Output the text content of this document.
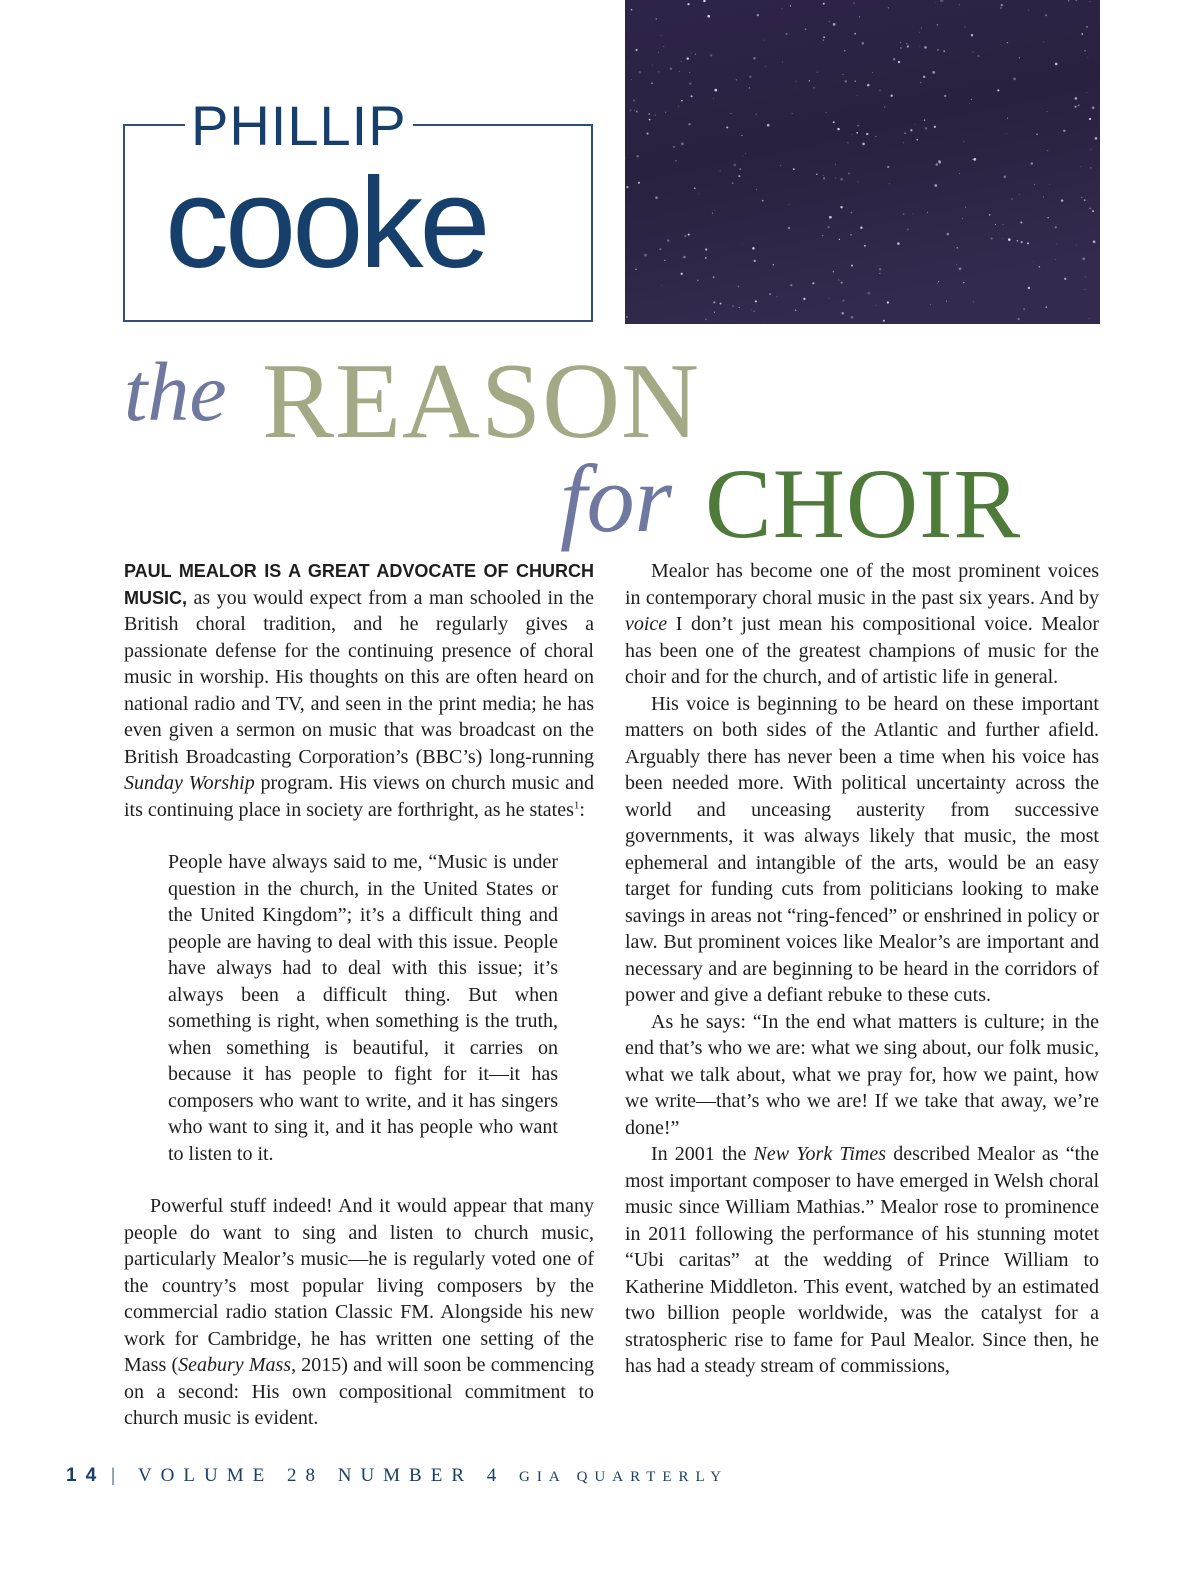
PHILLIP
cooke
the REASON
for CHOIR

PAUL MEALOR IS A GREAT ADVOCATE OF CHURCH MUSIC, as you would expect from a man schooled in the British choral tradition, and he regularly gives a passionate defense for the continuing presence of choral music in worship. His thoughts on this are often heard on national radio and TV, and seen in the print media; he has even given a sermon on music that was broadcast on the British Broadcasting Corporation’s (BBC’s) long-running Sunday Worship program. His views on church music and its continuing place in society are forthright, as he states$^1$:

People have always said to me, “Music is under question in the church, in the United States or the United Kingdom”; it’s a difficult thing and people are having to deal with this issue. People have always had to deal with this issue; it’s always been a difficult thing. But when something is right, when something is the truth, when something is beautiful, it carries on because it has people to fight for it—it has composers who want to write, and it has singers who want to sing it, and it has people who want to listen to it.

Powerful stuff indeed! And it would appear that many people do want to sing and listen to church music, particularly Mealor’s music—he is regularly voted one of the country’s most popular living composers by the commercial radio station Classic FM. Alongside his new work for Cambridge, he has written one setting of the Mass (Seabury Mass, 2015) and will soon be commencing on a second: His own compositional commitment to church music is evident.

Mealor has become one of the most prominent voices in contemporary choral music in the past six years. And by voice I don’t just mean his compositional voice. Mealor has been one of the greatest champions of music for the choir and for the church, and of artistic life in general.

His voice is beginning to be heard on these important matters on both sides of the Atlantic and further afield. Arguably there has never been a time when his voice has been needed more. With political uncertainty across the world and unceasing austerity from successive governments, it was always likely that music, the most ephemeral and intangible of the arts, would be an easy target for funding cuts from politicians looking to make savings in areas not “ring-fenced” or enshrined in policy or law. But prominent voices like Mealor’s are important and necessary and are beginning to be heard in the corridors of power and give a defiant rebuke to these cuts.

As he says: “In the end what matters is culture; in the end that’s who we are: what we sing about, our folk music, what we talk about, what we pray for, how we paint, how we write—that’s who we are! If we take that away, we’re done!”

In 2001 the New York Times described Mealor as “the most important composer to have emerged in Welsh choral music since William Mathias.” Mealor rose to prominence in 2011 following the performance of his stunning motet “Ubi caritas” at the wedding of Prince William to Katherine Middleton. This event, watched by an estimated two billion people worldwide, was the catalyst for a stratospheric rise to fame for Paul Mealor. Since then, he has had a steady stream of commissions,

14 | VOLUME 28 NUMBER 4 GIA QUARTERLY
